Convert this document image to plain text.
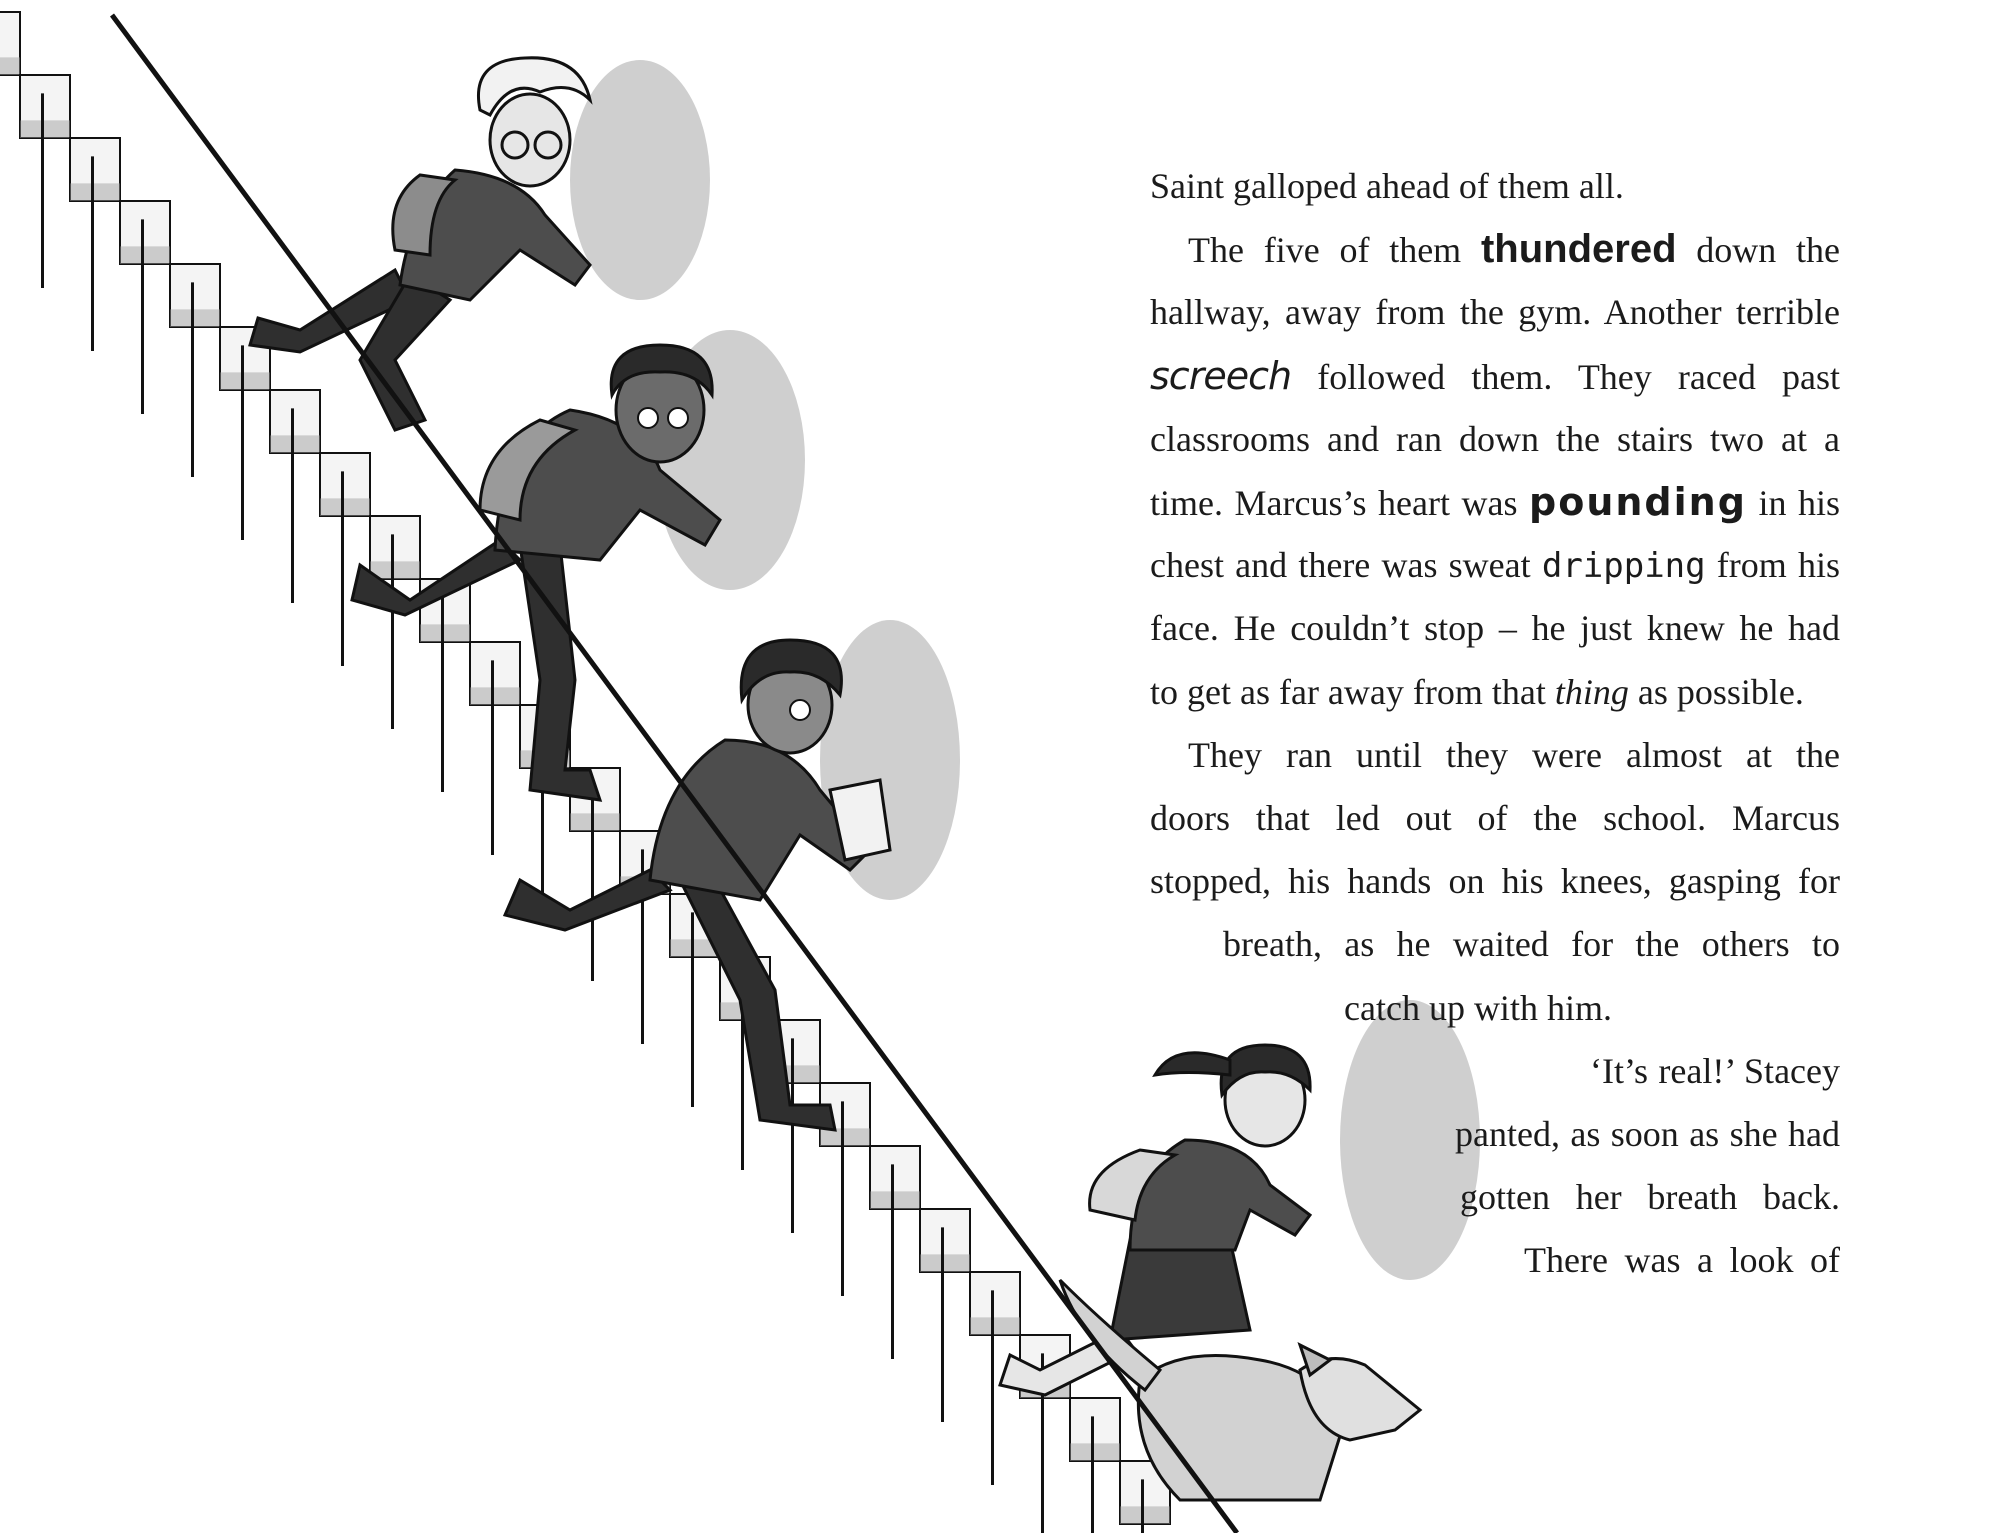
Saint galloped ahead of them all.

The five of them thundered down the

hallway, away from the gym. Another terrible

screech followed them. They raced past

classrooms and ran down the stairs two at a

time. Marcus’s heart was pounding in his

chest and there was sweat dripping from his

face. He couldn’t stop – he just knew he had

to get as far away from that thing as possible.

They ran until they were almost at the

doors that led out of the school. Marcus

stopped, his hands on his knees, gasping for

breath, as he waited for the others to

catch up with him.

‘It’s real!’ Stacey

panted, as soon as she had

gotten her breath back.

There was a look of
